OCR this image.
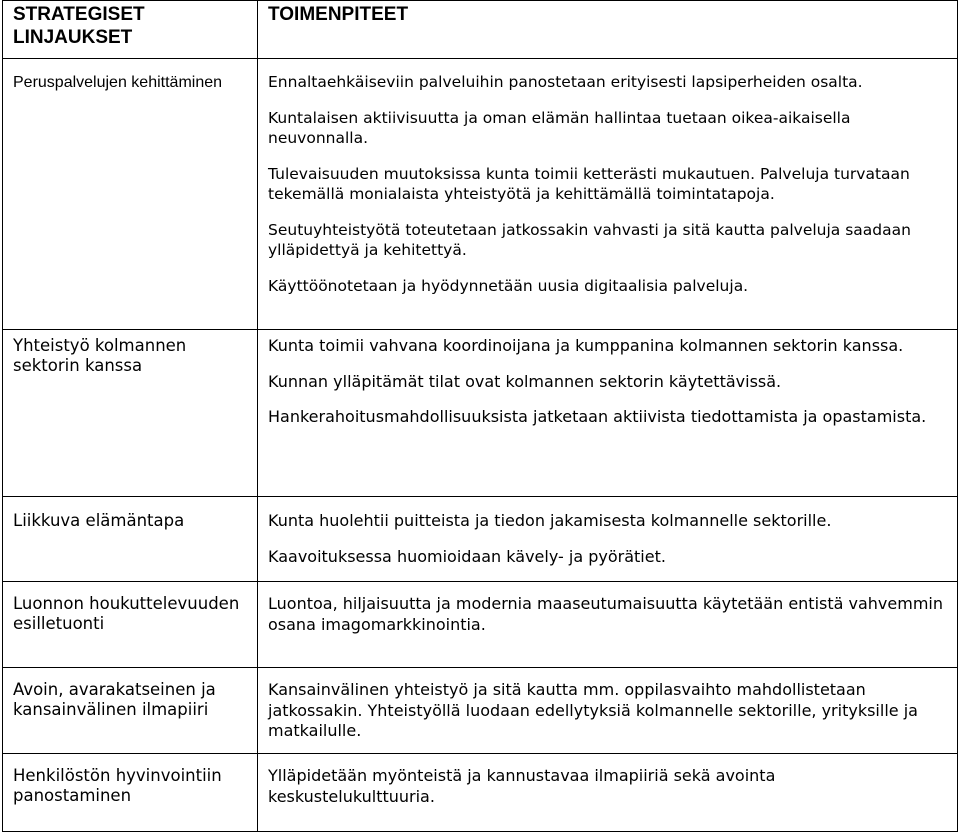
STRATEGISET LINJAUKSET	TOIMENPITEET
Peruspalvelujen kehittäminen	Ennaltaehkäiseviin palveluihin panostetaan erityisesti lapsiperheiden osalta.

Kuntalaisen aktiivisuutta ja oman elämän hallintaa tuetaan oikea-aikaisella neuvonnalla.

Tulevaisuuden muutoksissa kunta toimii ketterästi mukautuen. Palveluja turvataan tekemällä monialaista yhteistyötä ja kehittämällä toimintatapoja.

Seutuyhteistyötä toteutetaan jatkossakin vahvasti ja sitä kautta palveluja saadaan ylläpidettyä ja kehitettyä.

Käyttöönotetaan ja hyödynnetään uusia digitaalisia palveluja.

Yhteistyö kolmannen sektorin kanssa	Kunta toimii vahvana koordinoijana ja kumppanina kolmannen sektorin kanssa.

Kunnan ylläpitämät tilat ovat kolmannen sektorin käytettävissä.

Hankerahoitusmahdollisuuksista jatketaan aktiivista tiedottamista ja opastamista.

Liikkuva elämäntapa	Kunta huolehtii puitteista ja tiedon jakamisesta kolmannelle sektorille.

Kaavoituksessa huomioidaan kävely- ja pyörätiet.

Luonnon houkuttelevuuden esilletuonti	Luontoa, hiljaisuutta ja modernia maaseutumaisuutta käytetään entistä vahvemmin osana imagomarkkinointia.

Avoin, avarakatseinen ja kansainvälinen ilmapiiri	Kansainvälinen yhteistyö ja sitä kautta mm. oppilasvaihto mahdollistetaan jatkossakin. Yhteistyöllä luodaan edellytyksiä kolmannelle sektorille, yrityksille ja matkailulle.

Henkilöstön hyvinvointiin panostaminen	Ylläpidetään myönteistä ja kannustavaa ilmapiiriä sekä avointa keskustelukulttuuria.
